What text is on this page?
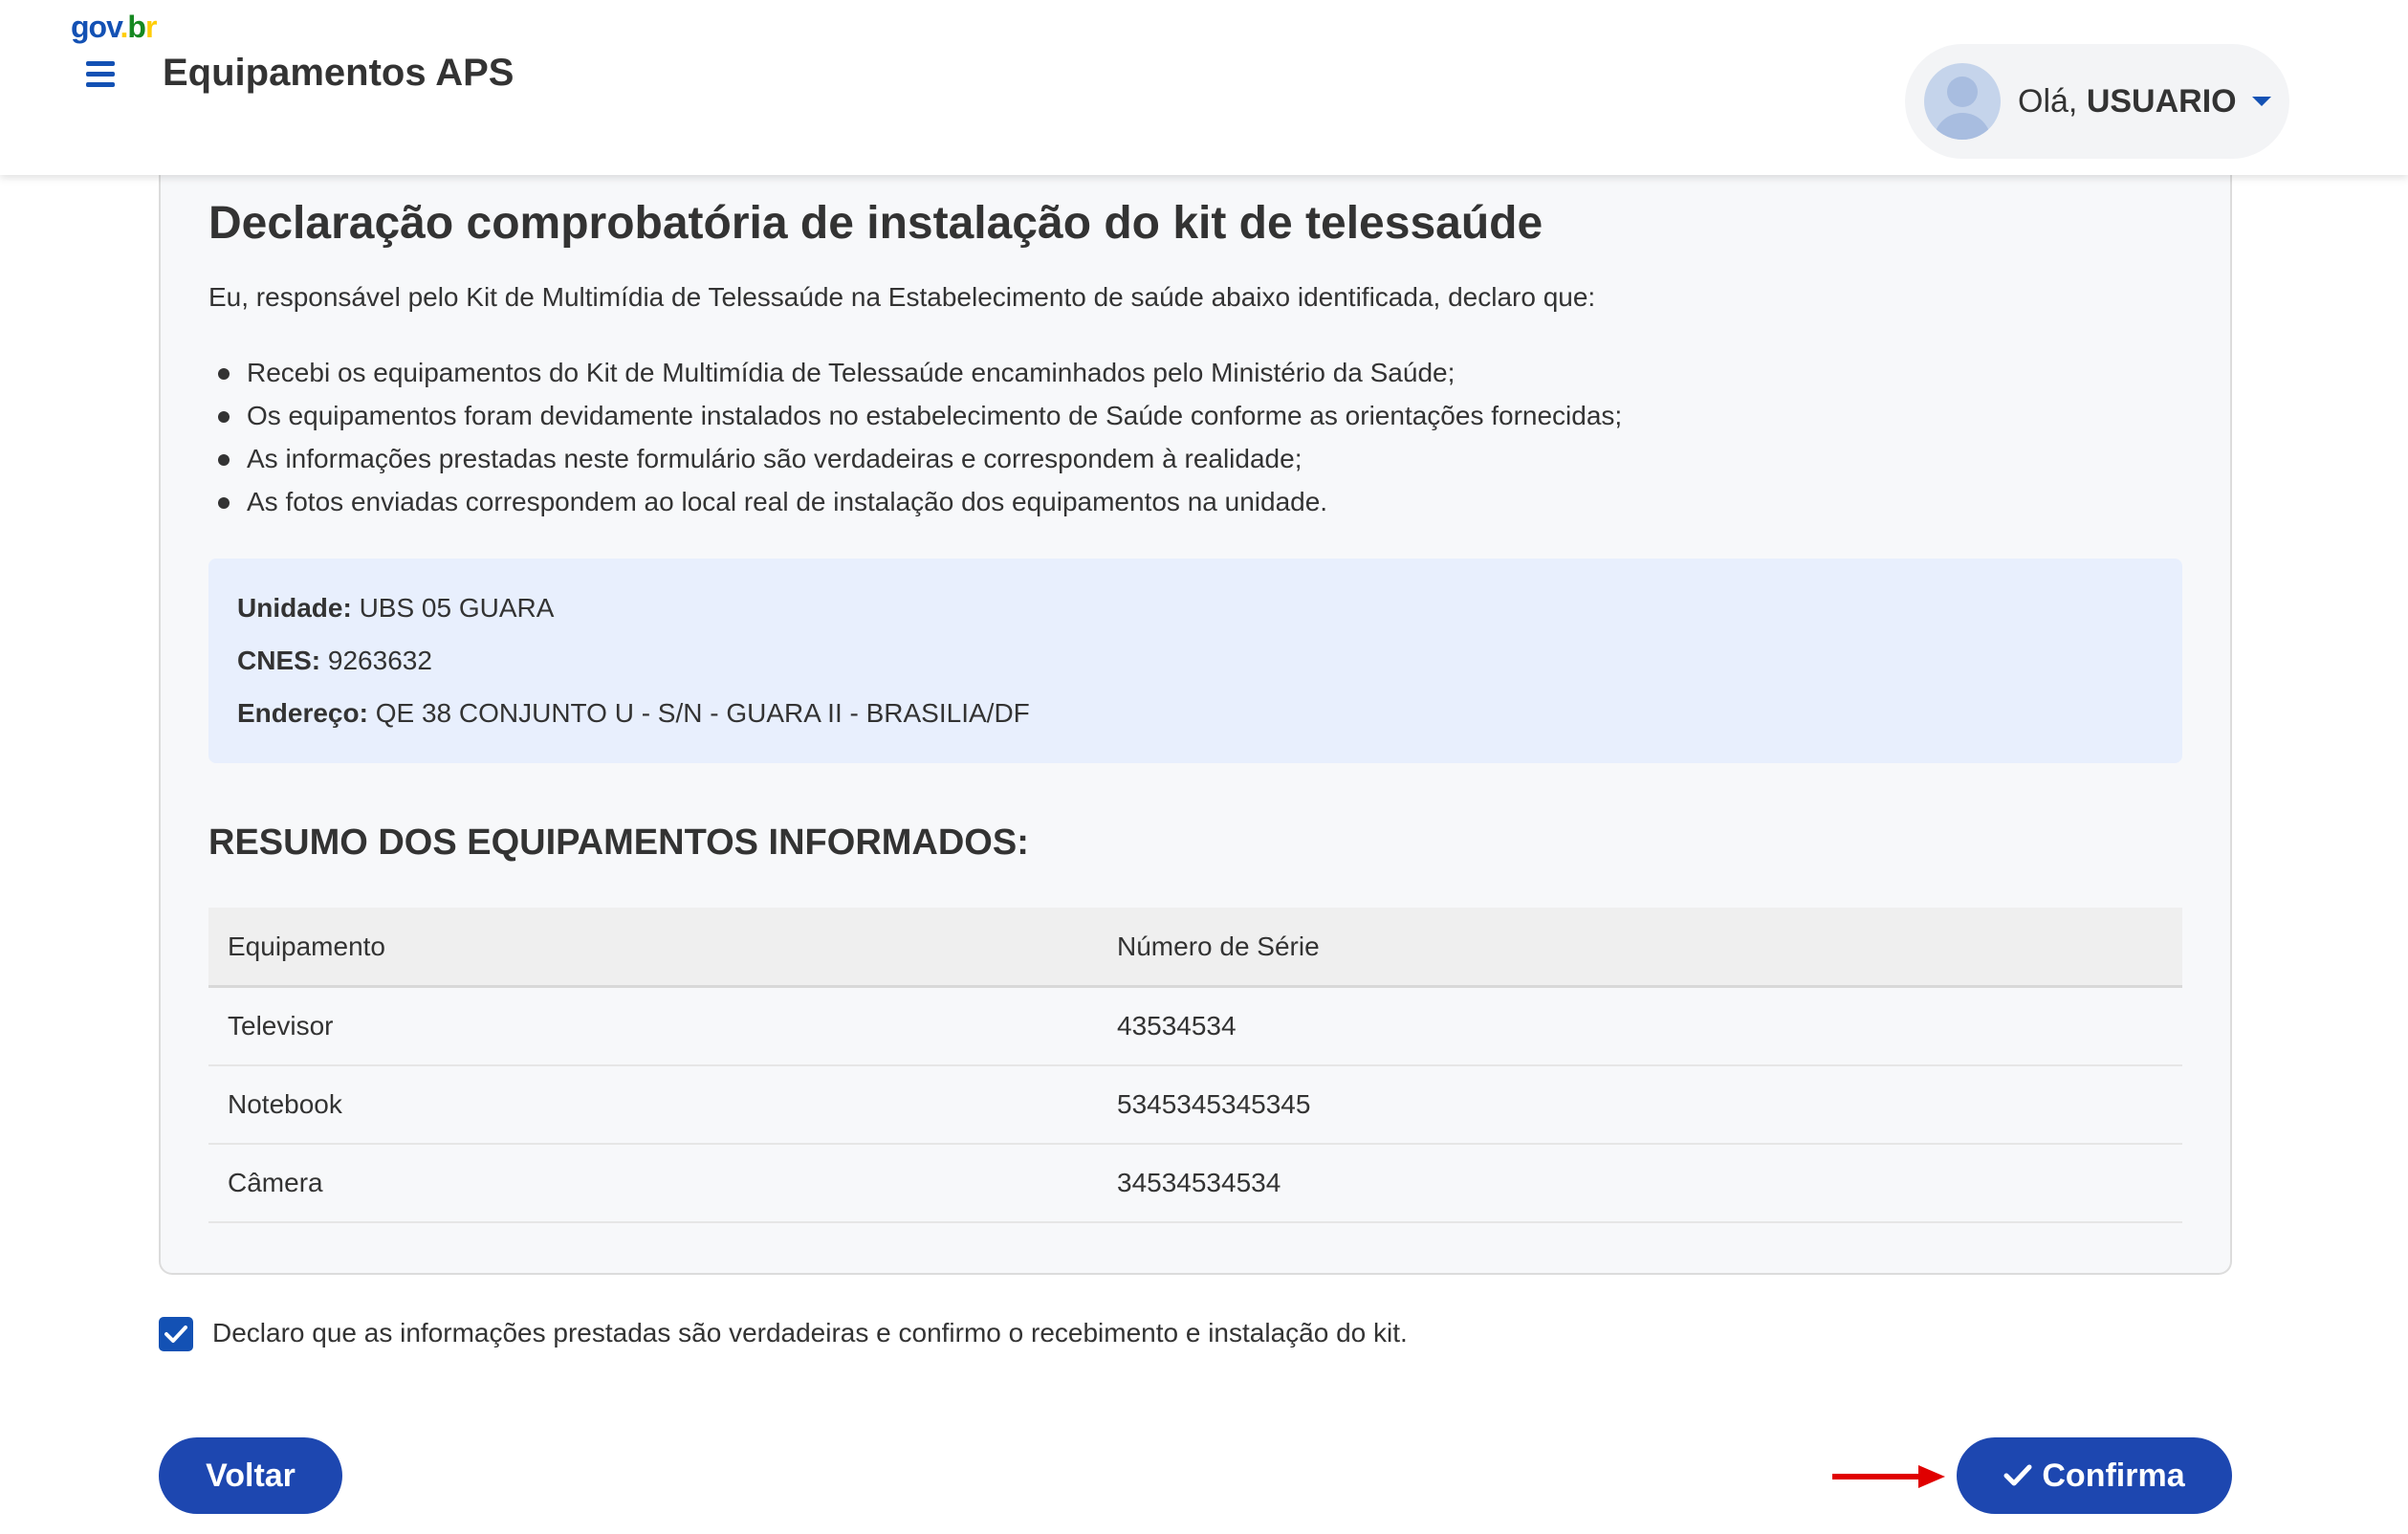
gov.br
Equipamentos APS
Olá, USUARIO
Declaração comprobatória de instalação do kit de telessaúde

Eu, responsável pelo Kit de Multimídia de Telessaúde na Estabelecimento de saúde abaixo identificada, declaro que:

Recebi os equipamentos do Kit de Multimídia de Telessaúde encaminhados pelo Ministério da Saúde;
Os equipamentos foram devidamente instalados no estabelecimento de Saúde conforme as orientações fornecidas;
As informações prestadas neste formulário são verdadeiras e correspondem à realidade;
As fotos enviadas correspondem ao local real de instalação dos equipamentos na unidade.
Unidade: UBS 05 GUARA
CNES: 9263632
Endereço: QE 38 CONJUNTO U - S/N - GUARA II - BRASILIA/DF
RESUMO DOS EQUIPAMENTOS INFORMADOS:
Equipamento	Número de Série
Televisor	43534534
Notebook	5345345345345
Câmera	34534534534
Declaro que as informações prestadas são verdadeiras e confirmo o recebimento e instalação do kit.
Voltar	Confirma
